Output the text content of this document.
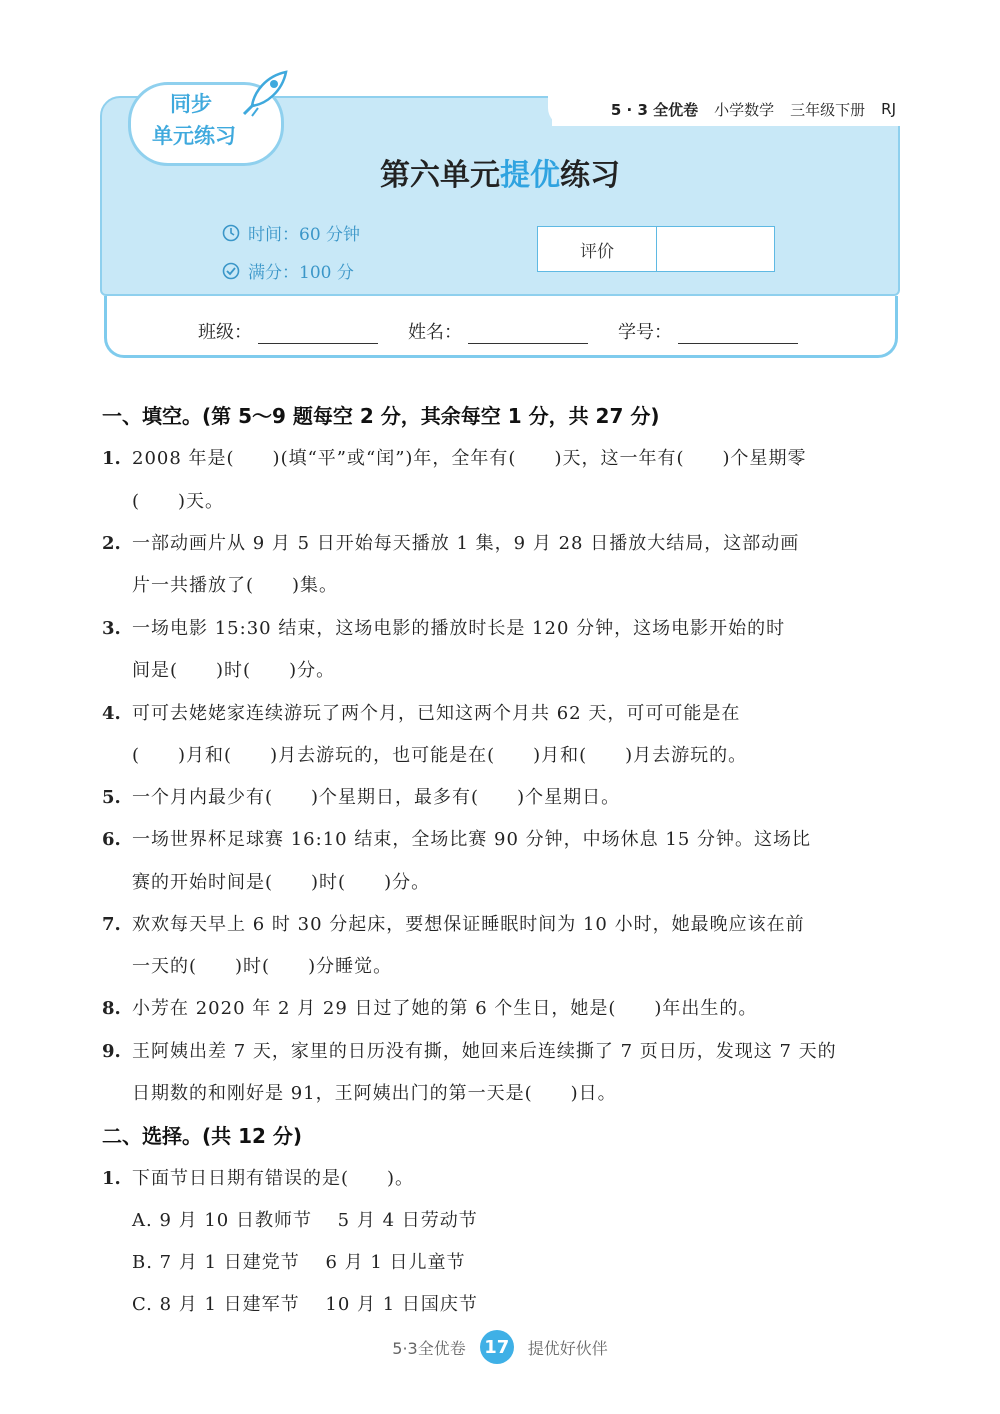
5 · 3 全优卷 小学数学 三年级下册 RJ
同步
单元练习
第六单元提优练习
时间：60 分钟
满分：100 分
评价
班级：	姓名：	学号：
一、填空。(第 5～9 题每空 2 分，其余每空 1 分，共 27 分)
1. 2008 年是(　　)(填“平”或“闰”)年，全年有(　　)天，这一年有(　　)个星期零
(　　)天。
2. 一部动画片从 9 月 5 日开始每天播放 1 集，9 月 28 日播放大结局，这部动画
片一共播放了(　　)集。
3. 一场电影 15:30 结束，这场电影的播放时长是 120 分钟，这场电影开始的时
间是(　　)时(　　)分。
4. 可可去姥姥家连续游玩了两个月，已知这两个月共 62 天，可可可能是在
(　　)月和(　　)月去游玩的，也可能是在(　　)月和(　　)月去游玩的。
5. 一个月内最少有(　　)个星期日，最多有(　　)个星期日。
6. 一场世界杯足球赛 16:10 结束，全场比赛 90 分钟，中场休息 15 分钟。这场比
赛的开始时间是(　　)时(　　)分。
7. 欢欢每天早上 6 时 30 分起床，要想保证睡眠时间为 10 小时，她最晚应该在前
一天的(　　)时(　　)分睡觉。
8. 小芳在 2020 年 2 月 29 日过了她的第 6 个生日，她是(　　)年出生的。
9. 王阿姨出差 7 天，家里的日历没有撕，她回来后连续撕了 7 页日历，发现这 7 天的
日期数的和刚好是 91，王阿姨出门的第一天是(　　)日。
二、选择。(共 12 分)
1. 下面节日日期有错误的是(　　)。
A. 9 月 10 日教师节　 5 月 4 日劳动节
B. 7 月 1 日建党节　 6 月 1 日儿童节
C. 8 月 1 日建军节　 10 月 1 日国庆节
5·3全优卷 17 提优好伙伴
